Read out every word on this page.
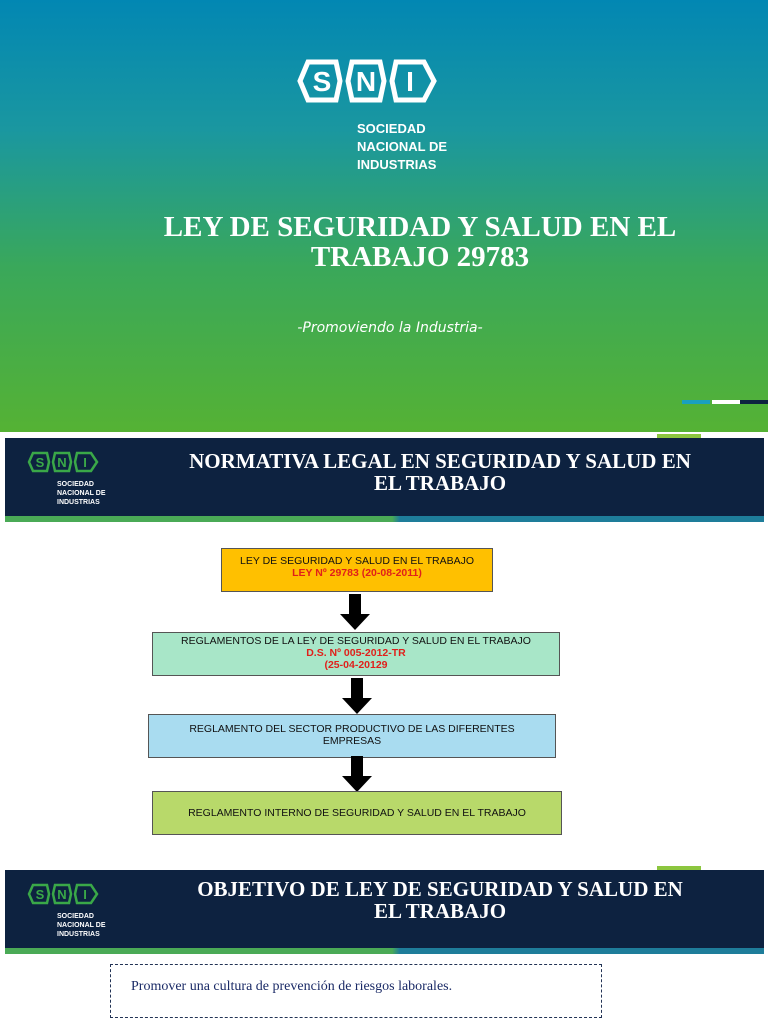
S N I
SOCIEDAD
NACIONAL DE
INDUSTRIAS
LEY DE SEGURIDAD Y SALUD EN EL
TRABAJO 29783
-Promoviendo la Industria-
S N I
SOCIEDAD
NACIONAL DE
INDUSTRIAS
NORMATIVA LEGAL EN SEGURIDAD Y SALUD EN
EL TRABAJO
LEY DE SEGURIDAD Y SALUD EN EL TRABAJO
LEY Nº 29783 (20-08-2011)
REGLAMENTOS DE LA LEY DE SEGURIDAD Y SALUD EN EL TRABAJO
D.S. Nº 005-2012-TR
(25-04-20129
REGLAMENTO DEL SECTOR PRODUCTIVO DE LAS DIFERENTES
EMPRESAS
REGLAMENTO INTERNO DE SEGURIDAD Y SALUD EN EL TRABAJO
S N I
SOCIEDAD
NACIONAL DE
INDUSTRIAS
OBJETIVO DE LEY DE SEGURIDAD Y SALUD EN
EL TRABAJO
Promover una cultura de prevención de riesgos laborales.
